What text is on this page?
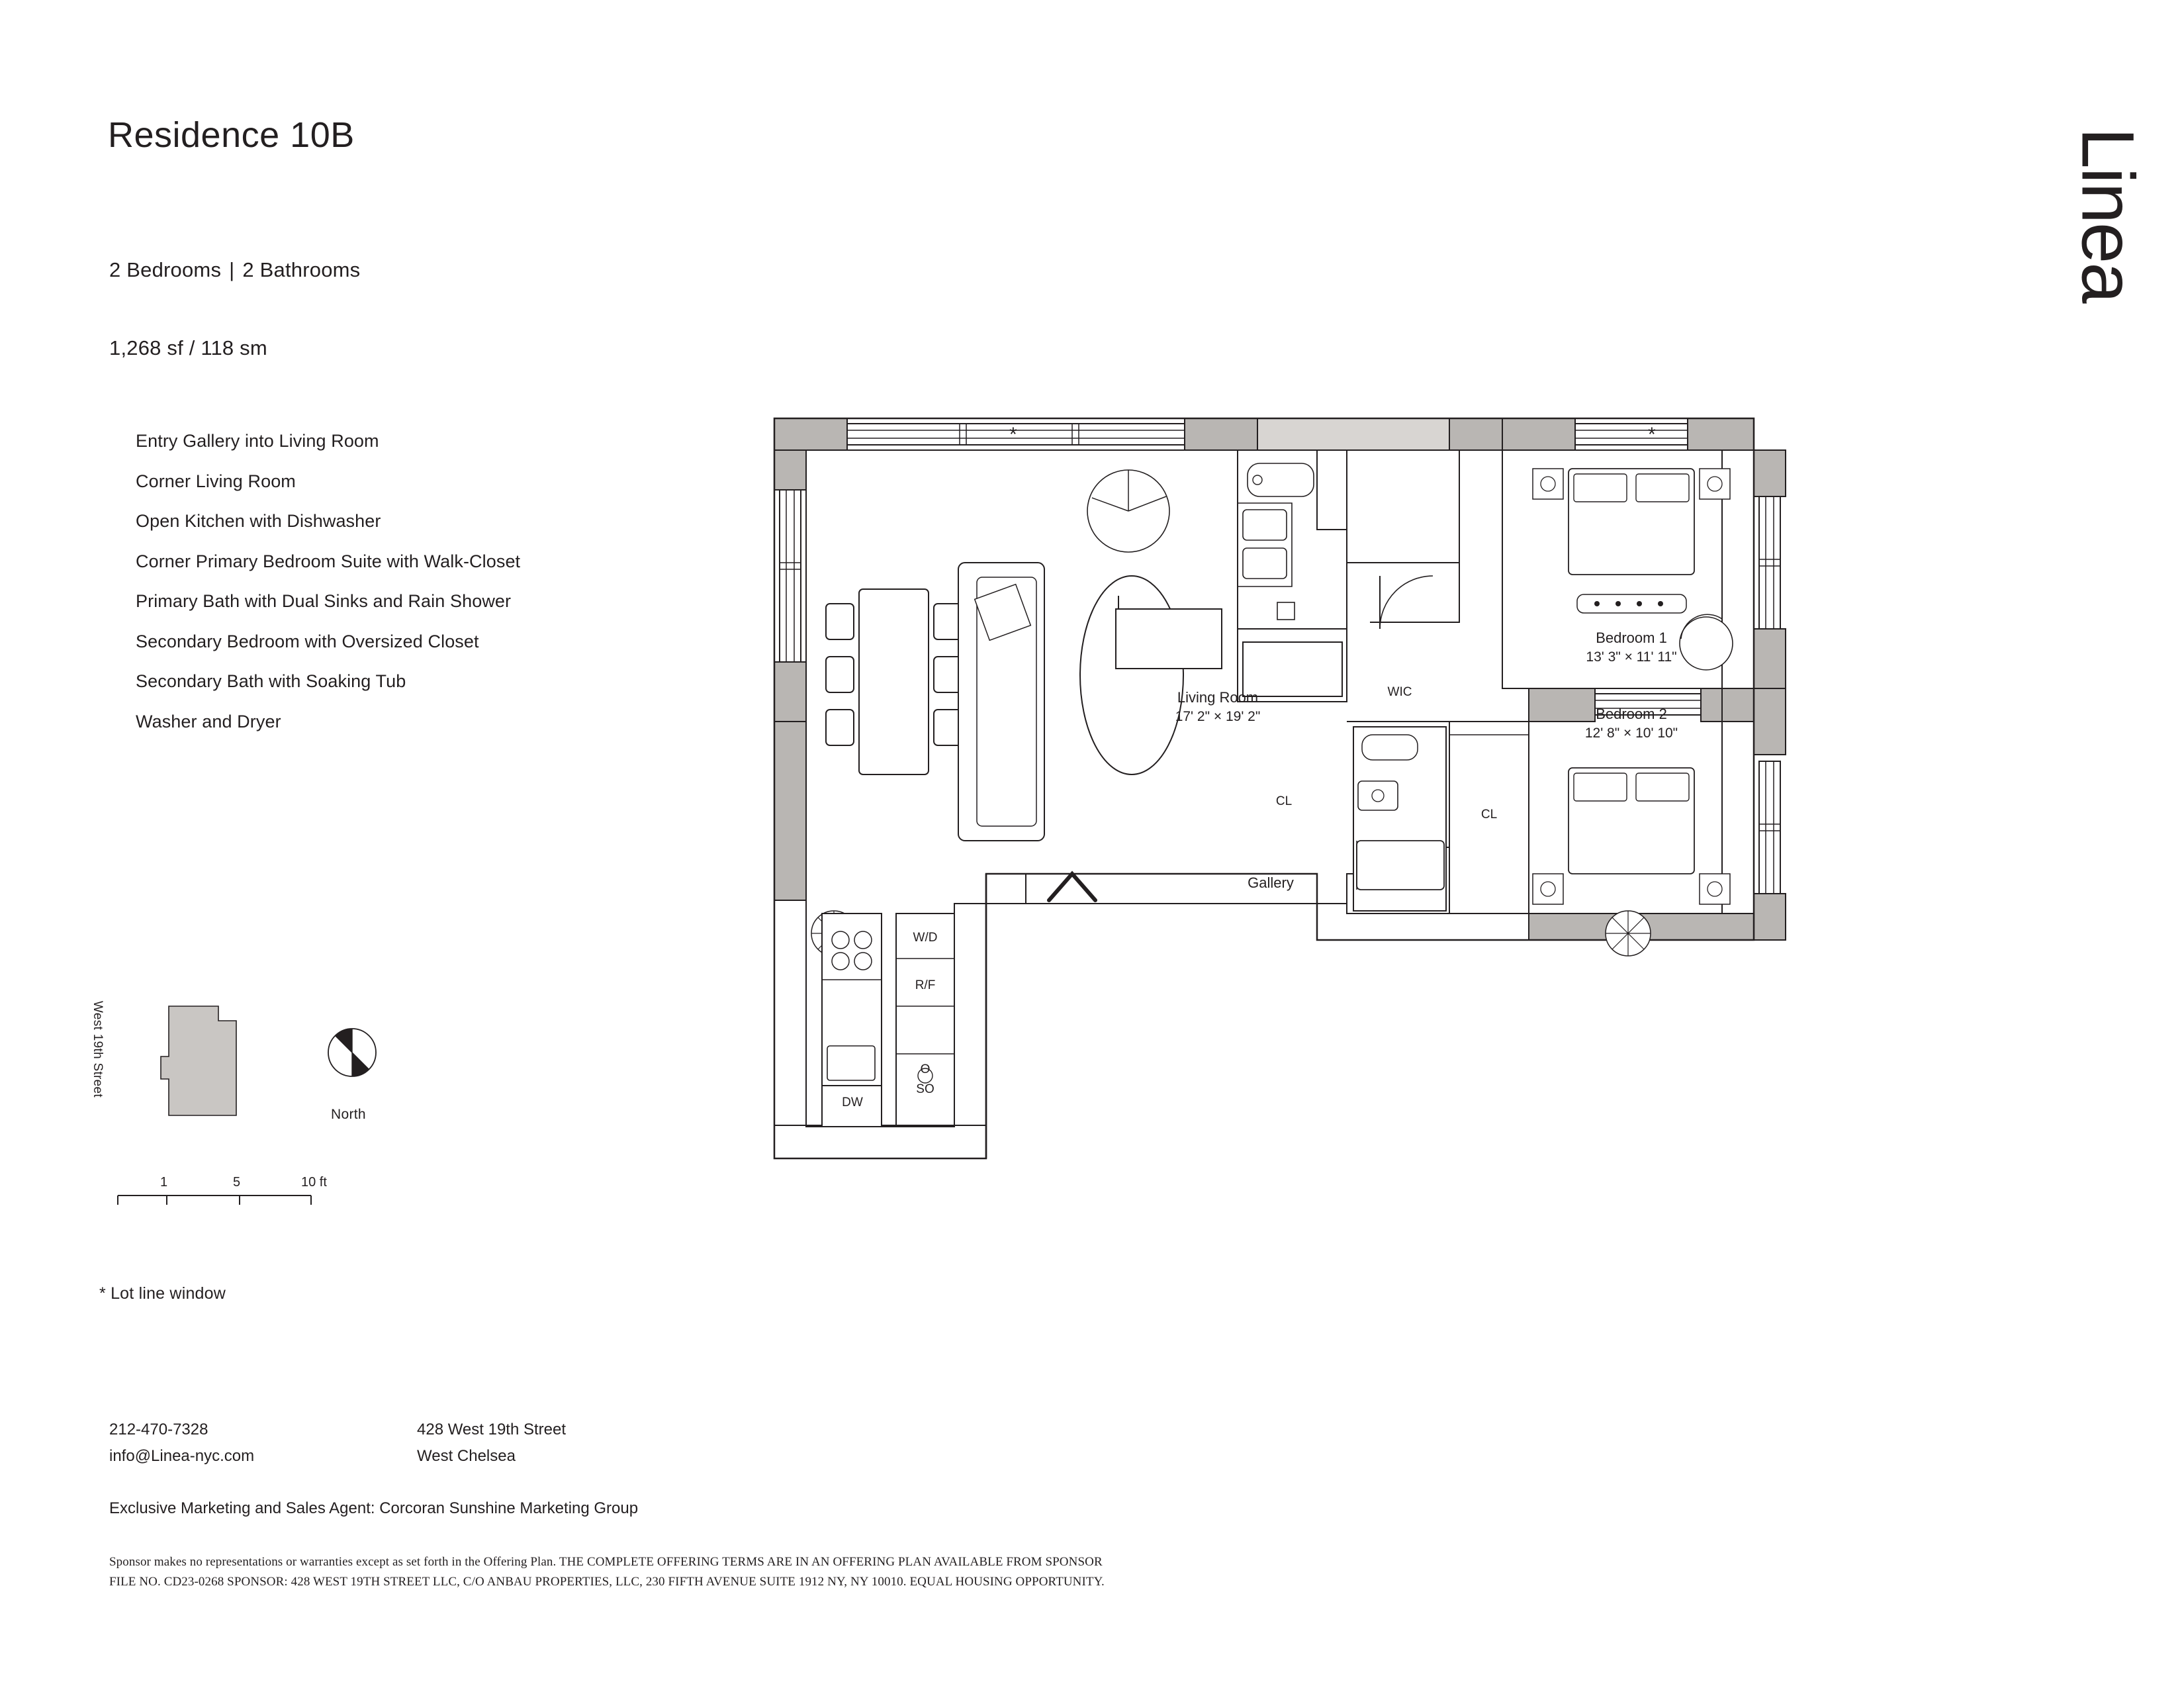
Residence 10B
2 Bedrooms | 2 Bathrooms
1,268 sf / 118 sm
Entry Gallery into Living Room
Corner Living Room
Open Kitchen with Dishwasher
Corner Primary Bedroom Suite with Walk-Closet
Primary Bath with Dual Sinks and Rain Shower
Secondary Bedroom with Oversized Closet
Secondary Bath with Soaking Tub
Washer and Dryer
Linea
West 19th Street
North
1	5	10 ft
* Lot line window
212-470-7328
info@Linea-nyc.com
428 West 19th Street
West Chelsea
Exclusive Marketing and Sales Agent: Corcoran Sunshine Marketing Group
Sponsor makes no representations or warranties except as set forth in the Offering Plan. THE COMPLETE OFFERING TERMS ARE IN AN OFFERING PLAN AVAILABLE FROM SPONSOR
FILE NO. CD23-0268 SPONSOR: 428 WEST 19TH STREET LLC, C/O ANBAU PROPERTIES, LLC, 230 FIFTH AVENUE SUITE 1912 NY, NY 10010. EQUAL HOUSING OPPORTUNITY.
Living Room
17' 2" × 19' 2"
Gallery
WIC
CL
CL
Bedroom 1
13' 3" × 11' 11"
Bedroom 2
12' 8" × 10' 10"
W/D
R/F
O
SO
DW
*	*
